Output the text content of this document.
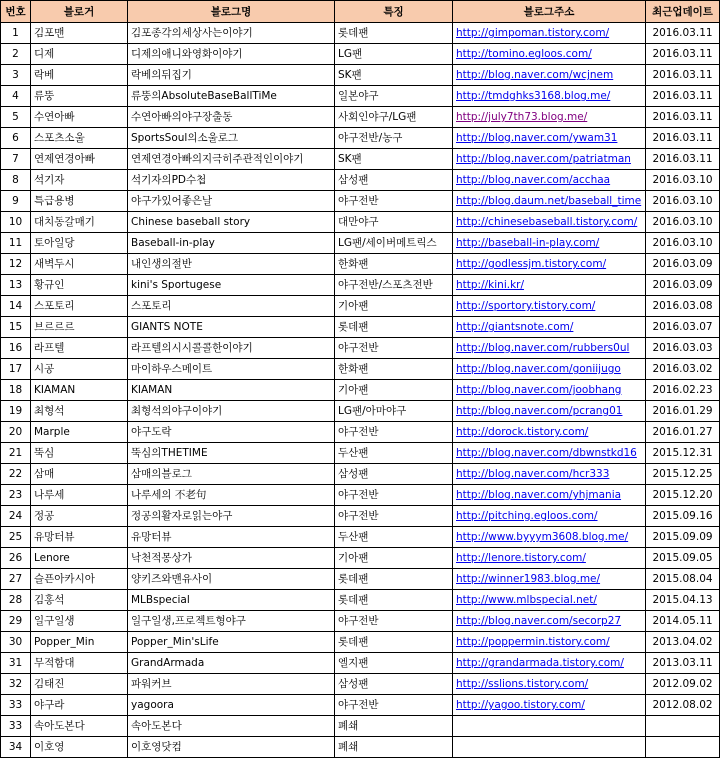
번호	블로거	블로그명	특징	블로그주소	최근업데이트
1	김포맨	김포종각의세상사는이야기	롯데팬	http://gimpoman.tistory.com/	2016.03.11
2	디제	디제의애니와영화이야기	LG팬	http://tomino.egloos.com/	2016.03.11
3	락베	락베의뒤집기	SK팬	http://blog.naver.com/wcjnem	2016.03.11
4	류뚱	류뚱의AbsoluteBaseBallTiMe	일본야구	http://tmdghks3168.blog.me/	2016.03.11
5	수연아빠	수연아빠의야구장출동	사회인야구/LG팬	http://july7th73.blog.me/	2016.03.11
6	스포츠소울	SportsSoul의소울로그	야구전반/농구	http://blog.naver.com/ywam31	2016.03.11
7	연제연경아빠	연제연경아빠의지극히주관적인이야기	SK팬	http://blog.naver.com/patriatman	2016.03.11
8	석기자	석기자의PD수첩	삼성팬	http://blog.naver.com/acchaa	2016.03.10
9	특급용병	야구가있어좋은날	야구전반	http://blog.daum.net/baseball_time	2016.03.10
10	대치동갈매기	Chinese baseball story	대만야구	http://chinesebaseball.tistory.com/	2016.03.10
11	토아일당	Baseball-in-play	LG팬/세이버메트릭스	http://baseball-in-play.com/	2016.03.10
12	새벽두시	내인생의절반	한화팬	http://godlessjm.tistory.com/	2016.03.09
13	황규인	kini's Sportugese	야구전반/스포츠전반	http://kini.kr/	2016.03.09
14	스포토리	스포토리	기아팬	http://sportory.tistory.com/	2016.03.08
15	브르르르	GIANTS NOTE	롯데팬	http://giantsnote.com/	2016.03.07
16	라프텔	라프텔의시시콜콜한이야기	야구전반	http://blog.naver.com/rubbers0ul	2016.03.03
17	시공	마이하우스메이트	한화팬	http://blog.naver.com/goniijugo	2016.03.02
18	KIAMAN	KIAMAN	기아팬	http://blog.naver.com/joobhang	2016.02.23
19	최형석	최형석의야구이야기	LG팬/아마야구	http://blog.naver.com/pcrang01	2016.01.29
20	Marple	야구도락	야구전반	http://dorock.tistory.com/	2016.01.27
21	뚝심	뚝심의THETIME	두산팬	http://blog.naver.com/dbwnstkd16	2015.12.31
22	삼매	삼매의블로그	삼성팬	http://blog.naver.com/hcr333	2015.12.25
23	나루세	나루세의 不老句	야구전반	http://blog.naver.com/yhjmania	2015.12.20
24	정공	정공의활자로읽는야구	야구전반	http://pitching.egloos.com/	2015.09.16
25	유망터뷰	유망터뷰	두산팬	http://www.byyym3608.blog.me/	2015.09.09
26	Lenore	낙천적몽상가	기아팬	http://lenore.tistory.com/	2015.09.05
27	슬픈아카시아	양키즈와맨유사이	롯데팬	http://winner1983.blog.me/	2015.08.04
28	김홍석	MLBspecial	롯데팬	http://www.mlbspecial.net/	2015.04.13
29	일구일생	일구일생,프로젝트형야구	야구전반	http://blog.naver.com/secorp27	2014.05.11
30	Popper_Min	Popper_Min'sLife	롯데팬	http://poppermin.tistory.com/	2013.04.02
31	무적함대	GrandArmada	엘지팬	http://grandarmada.tistory.com/	2013.03.11
32	김태진	파워커브	삼성팬	http://sslions.tistory.com/	2012.09.02
33	야구라	yagoora	야구전반	http://yagoo.tistory.com/	2012.08.02
33	속아도본다	속아도본다	폐쇄		
34	이호영	이호영닷컴	폐쇄		
